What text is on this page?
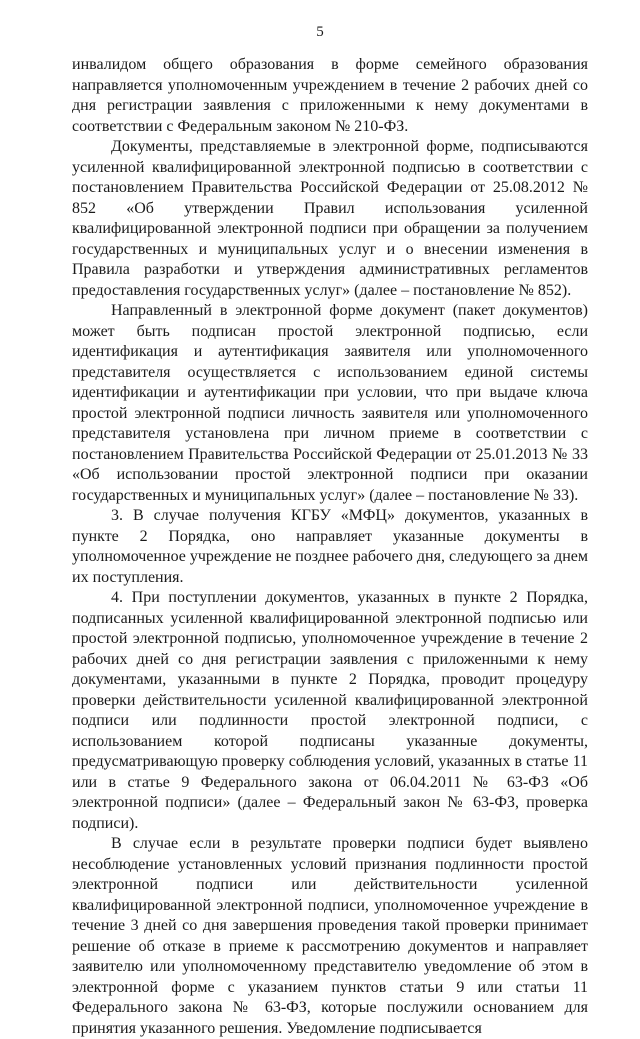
5

инвалидом общего образования в форме семейного образования направляется уполномоченным учреждением в течение 2 рабочих дней со дня регистрации заявления с приложенными к нему документами в соответствии с Федеральным законом № 210-ФЗ.

Документы, представляемые в электронной форме, подписываются усиленной квалифицированной электронной подписью в соответствии с постановлением Правительства Российской Федерации от 25.08.2012 № 852 «Об утверждении Правил использования усиленной квалифицированной электронной подписи при обращении за получением государственных и муниципальных услуг и о внесении изменения в Правила разработки и утверждения административных регламентов предоставления государственных услуг» (далее – постановление № 852).

Направленный в электронной форме документ (пакет документов) может быть подписан простой электронной подписью, если идентификация и аутентификация заявителя или уполномоченного представителя осуществляется с использованием единой системы идентификации и аутентификации при условии, что при выдаче ключа простой электронной подписи личность заявителя или уполномоченного представителя установлена при личном приеме в соответствии с постановлением Правительства Российской Федерации от 25.01.2013 № 33 «Об использовании простой электронной подписи при оказании государственных и муниципальных услуг» (далее – постановление № 33).

3. В случае получения КГБУ «МФЦ» документов, указанных в пункте 2 Порядка, оно направляет указанные документы в уполномоченное учреждение не позднее рабочего дня, следующего за днем их поступления.

4. При поступлении документов, указанных в пункте 2 Порядка, подписанных усиленной квалифицированной электронной подписью или простой электронной подписью, уполномоченное учреждение в течение 2 рабочих дней со дня регистрации заявления с приложенными к нему документами, указанными в пункте 2 Порядка, проводит процедуру проверки действительности усиленной квалифицированной электронной подписи или подлинности простой электронной подписи, с использованием которой подписаны указанные документы, предусматривающую проверку соблюдения условий, указанных в статье 11 или в статье 9 Федерального закона от 06.04.2011 № 63-ФЗ «Об электронной подписи» (далее – Федеральный закон № 63-ФЗ, проверка подписи).

В случае если в результате проверки подписи будет выявлено несоблюдение установленных условий признания подлинности простой электронной подписи или действительности усиленной квалифицированной электронной подписи, уполномоченное учреждение в течение 3 дней со дня завершения проведения такой проверки принимает решение об отказе в приеме к рассмотрению документов и направляет заявителю или уполномоченному представителю уведомление об этом в электронной форме с указанием пунктов статьи 9 или статьи 11 Федерального закона № 63-ФЗ, которые послужили основанием для принятия указанного решения. Уведомление подписывается
